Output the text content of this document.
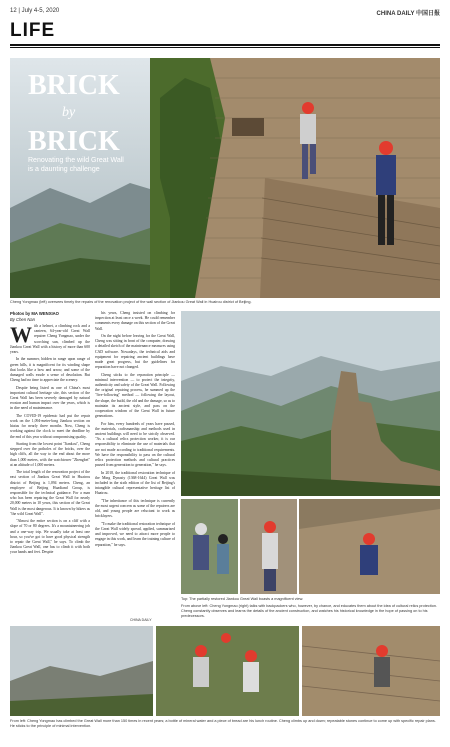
12 | July 4-5, 2020	CHINA DAILY 中国日报
LIFE
BRICK
by
BRICK
Renovating the wild Great Wall
is a daunting challenge
Cheng Yongmao (left) oversees timely the repairs of the renovation project of the wall section of Jiankou Great Wall in Huairou district of Beijing.
Photos by MA WENXIAO
By Chen Nan

With a helmet, a climbing rock and a canteen, 64-year-old Great Wall repairer Cheng Yongmao, under the scorching sun, climbed up the Jiankou Great Wall with a history of more than 600 years.

In the summer, hidden in range upon range of green hills, it is magnificent for its winding shape that looks like a bow and arrow, and some of the damaged walls exude a sense of desolation. But Cheng had no time to appreciate the scenery.

Despite being listed as one of China's most important cultural heritage site, this section of the Great Wall has been severely damaged by natural erosion and human impact over the years, which is in dire need of maintenance.

The COVID-19 epidemic had put the repair work on the 1,094-meter-long Jiankou section on hiatus for nearly three months. Now, Cheng is working against the clock to meet the deadline by the end of this year without compromising quality.

Starting from the lowest point "Jiankou", Cheng stepped over the potholes of the bricks, over the high cliffs, all the way to the end about the more than 1,000 meters, with the watchtower "Zhengbei" at an altitude of 1,000 meters.

The total length of the renovation project of the east section of Jiankou Great Wall in Huairou district of Beijing is 1,094 meters. Cheng, an employee of Beijing Huadiand Group, is responsible for the technical guidance. For a man who has been repairing the Great Wall for nearly 20,000 meters in 10 years, this section of the Great Wall is the most dangerous. It is known by hikers as "the wild Great Wall".

"Almost the entire section is on a cliff with a slope of 70 or 80 degrees. It's a mountaineering job and a one-way trip. We usually take at least one hour, so you've got to have good physical strength to repair the Great Wall," he says. To climb the Jiankou Great Wall, one has to climb it with both your hands and feet. Despite

his years, Cheng insisted on climbing for inspection at least once a week. He could remember comments every damage on this section of the Great Wall.

On the night before leaving for the Great Wall, Cheng was sitting in front of the computer, drawing a detailed sketch of the maintenance measures using CAD software. Nowadays, the technical aids and equipment for repairing ancient buildings have made great progress, but the guidelines for reparation have not changed.

Cheng sticks to the reparation principle — minimal intervention — to protect the integrity, authenticity and safety of the Great Wall. Following the original repairing process, he summed up the "five-following" method — following the layout, the shape, the build, the old and the damage, so as to maintain its ancient style, and pass on the cooperation wisdom of the Great Wall in future generations.

For him, every hundreds of years have passed, the materials, craftsmanship and methods used in ancient buildings will need to be strictly observed. "As a cultural relics protection worker, it is our responsibility to eliminate the use of materials that are not made according to traditional requirements. We have the responsibility to pass on the cultural relics protection methods and cultural practices passed from generation to generation," he says.

In 2018, the traditional restoration technique of the Ming Dynasty (1368-1644) Great Wall was included in the sixth edition of the list of Beijing's intangible cultural representative heritage list of Huairou.

"The inheritance of this technique is currently the most urgent concern as some of the repairers are old, and young people are reluctant to work as bricklayers.

"To make the traditional restoration technique of the Great Wall widely spread, applied, summarized and improved, we need to attract more people to engage in this work, and learn the training culture of reparation," he says.

Top: The partially restored Jiankou Great Wall boasts a magnificent view.
From above left: Cheng Yongmao (right) talks with backpackers who, however, by chance, and educates them about the idea of cultural relics protection. Cheng constantly observes and learns the details of the ancient construction, and watches his historical knowledge in the hope of passing on to his predecessors.
CHINA DAILY
From left: Cheng Yongmao has climbed the Great Wall more than 150 times in recent years; a bottle of mineral water and a piece of bread are his lunch routine. Cheng climbs up and down; repeatable stones continue to come up with specific repair plans. He sticks to the principle of minimal intervention.
